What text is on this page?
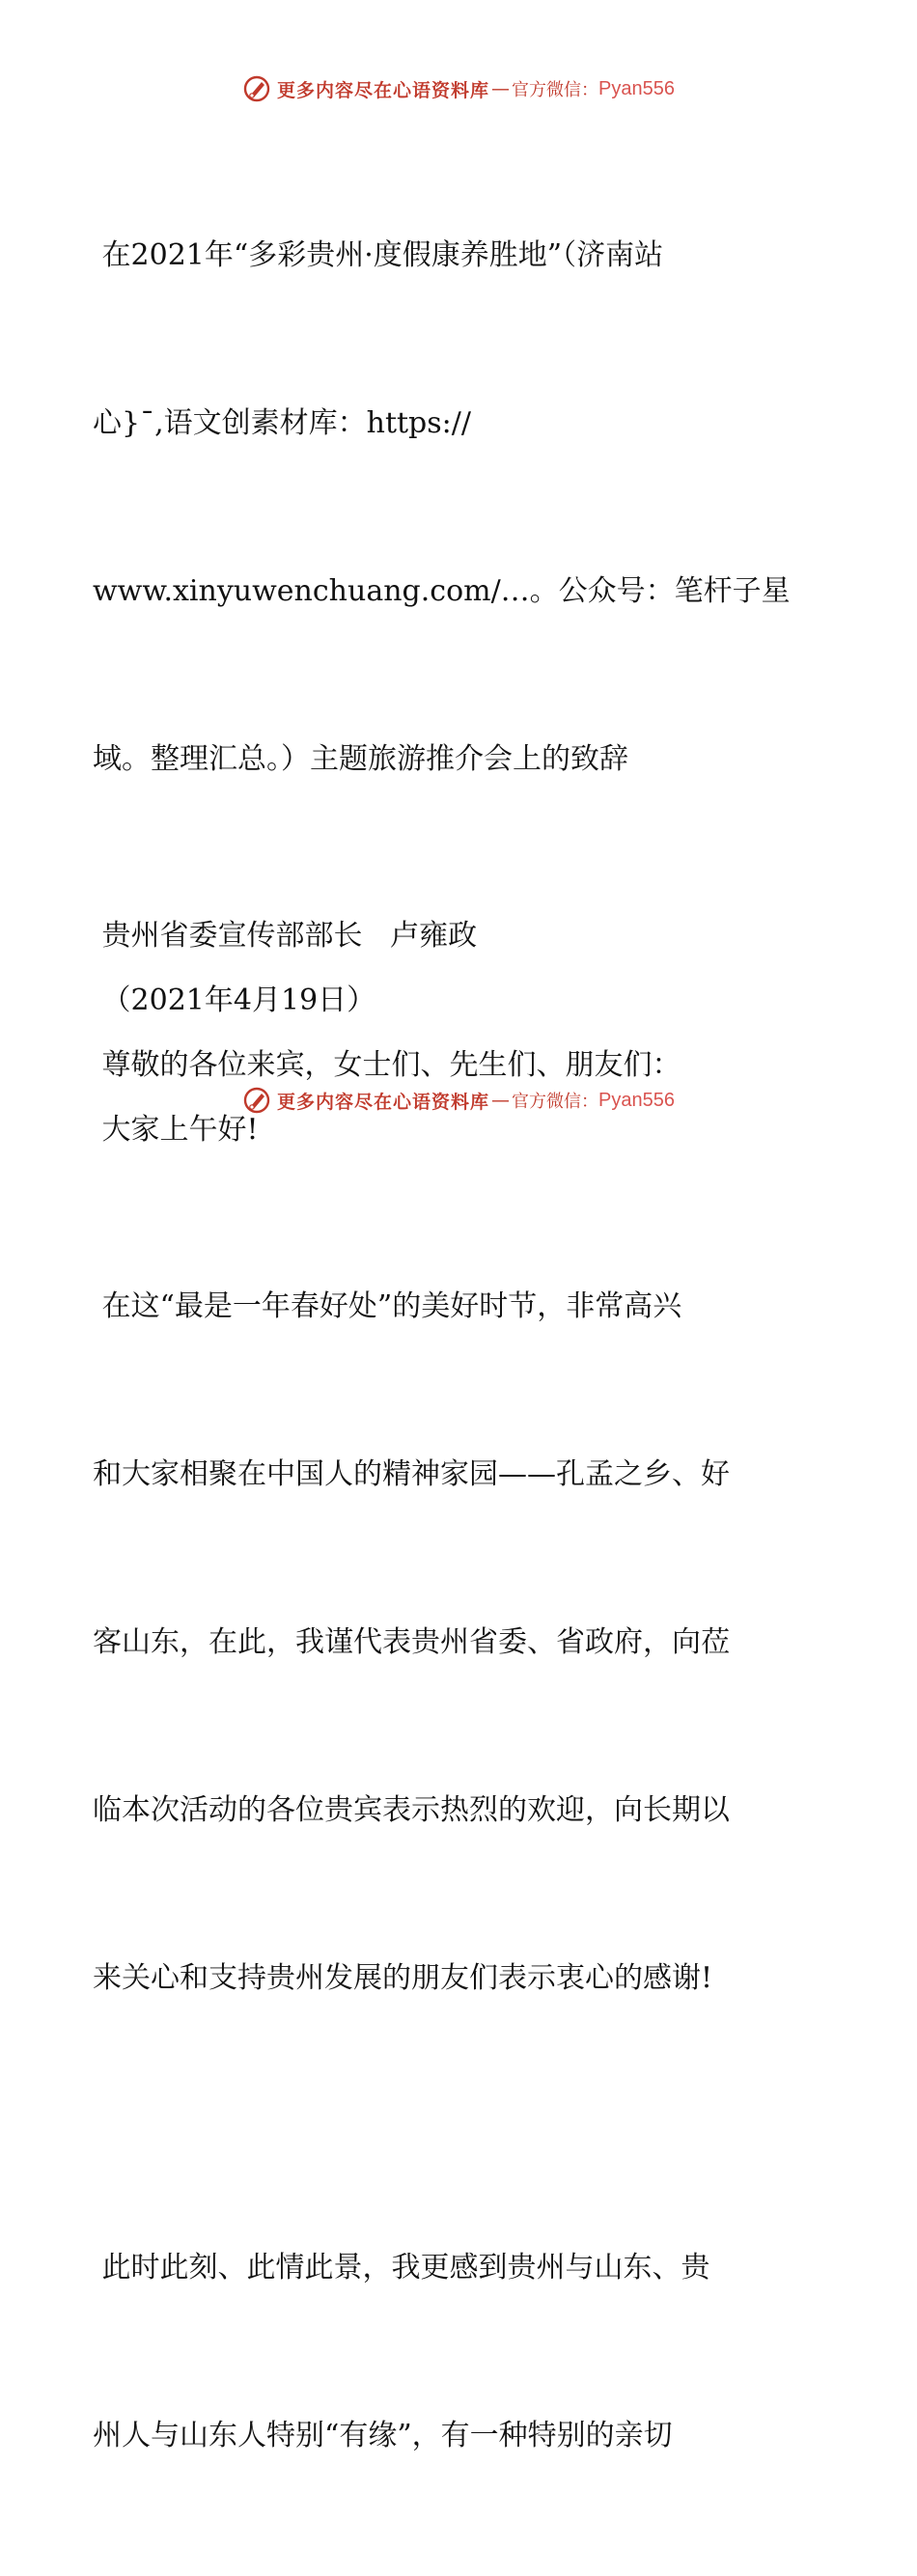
更多内容尽在心语资料库 — 官方微信： Pyan556

在2021年“多彩贵州·度假康养胜地”（济南站

心}¯,语文创素材库：https://

www.xinyuwenchuang.com/…。公众号：笔杆子星

域。整理汇总。）主题旅游推介会上的致辞

贵州省委宣传部部长   卢雍政

（2021年4月19日）

尊敬的各位来宾，女士们、先生们、朋友们：

大家上午好!

在这“最是一年春好处”的美好时节，非常高兴

和大家相聚在中国人的精神家园——孔孟之乡、好

客山东，在此，我谨代表贵州省委、省政府，向莅

临本次活动的各位贵宾表示热烈的欢迎，向长期以

来关心和支持贵州发展的朋友们表示衷心的感谢!

此时此刻、此情此景，我更感到贵州与山东、贵

州人与山东人特别“有缘”，有一种特别的亲切

更多内容尽在心语资料库 — 官方微信： Pyan556
